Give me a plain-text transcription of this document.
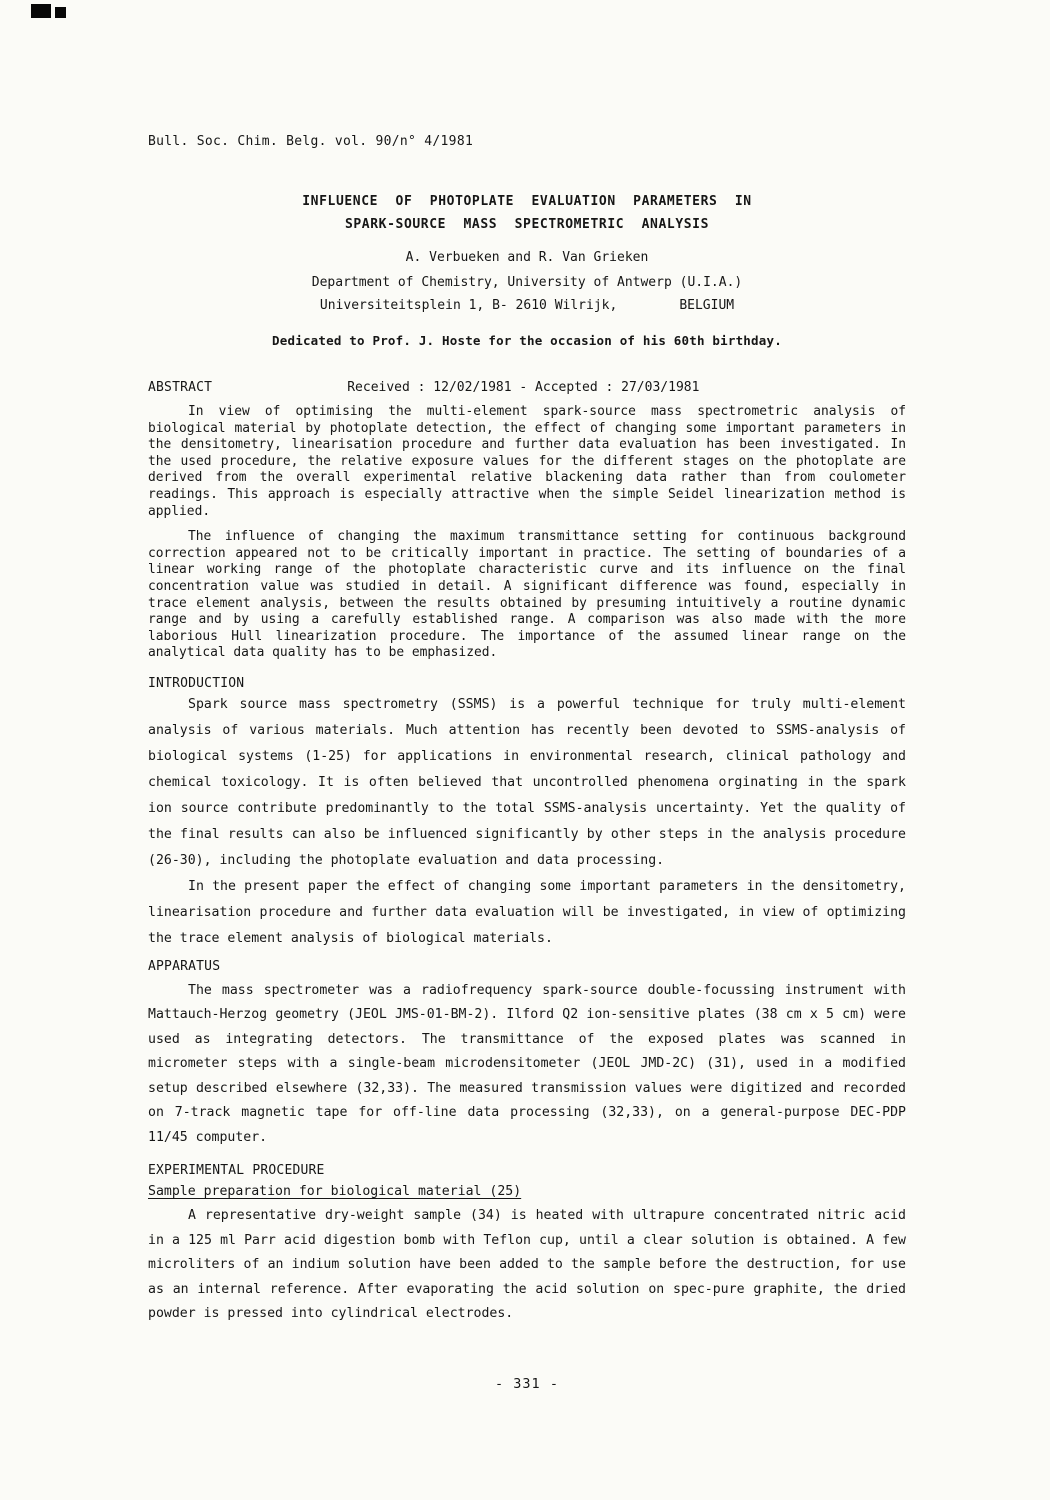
Bull. Soc. Chim. Belg. vol. 90/n° 4/1981
INFLUENCE OF PHOTOPLATE EVALUATION PARAMETERS IN
SPARK-SOURCE MASS SPECTROMETRIC ANALYSIS
A. Verbueken and R. Van Grieken
Department of Chemistry, University of Antwerp (U.I.A.)
Universiteitsplein 1, B- 2610 Wilrijk,	BELGIUM
Dedicated to Prof. J. Hoste for the occasion of his 60th birthday.
ABSTRACT	Received : 12/02/1981 - Accepted : 27/03/1981

In view of optimising the multi-element spark-source mass spectrometric analysis of biological material by photoplate detection, the effect of changing some important parameters in the densitometry, linearisation procedure and further data evaluation has been investigated. In the used procedure, the relative exposure values for the different stages on the photoplate are derived from the overall experimental relative blackening data rather than from coulometer readings. This approach is especially attractive when the simple Seidel linearization method is applied.

The influence of changing the maximum transmittance setting for continuous background correction appeared not to be critically important in practice. The setting of boundaries of a linear working range of the photoplate characteristic curve and its influence on the final concentration value was studied in detail. A significant difference was found, especially in trace element analysis, between the results obtained by presuming intuitively a routine dynamic range and by using a carefully established range. A comparison was also made with the more laborious Hull linearization procedure. The importance of the assumed linear range on the analytical data quality has to be emphasized.

INTRODUCTION

Spark source mass spectrometry (SSMS) is a powerful technique for truly multi-element analysis of various materials. Much attention has recently been devoted to SSMS-analysis of biological systems (1-25) for applications in environmental research, clinical pathology and chemical toxicology. It is often believed that uncontrolled phenomena orginating in the spark ion source contribute predominantly to the total SSMS-analysis uncertainty. Yet the quality of the final results can also be influenced significantly by other steps in the analysis procedure (26-30), including the photoplate evaluation and data processing.

In the present paper the effect of changing some important parameters in the densitometry, linearisation procedure and further data evaluation will be investigated, in view of optimizing the trace element analysis of biological materials.

APPARATUS

The mass spectrometer was a radiofrequency spark-source double-focussing instrument with Mattauch-Herzog geometry (JEOL JMS-01-BM-2). Ilford Q2 ion-sensitive plates (38 cm x 5 cm) were used as integrating detectors. The transmittance of the exposed plates was scanned in micrometer steps with a single-beam microdensitometer (JEOL JMD-2C) (31), used in a modified setup described elsewhere (32,33). The measured transmission values were digitized and recorded on 7-track magnetic tape for off-line data processing (32,33), on a general-purpose DEC-PDP 11/45 computer.

EXPERIMENTAL PROCEDURE
Sample preparation for biological material (25)

A representative dry-weight sample (34) is heated with ultrapure concentrated nitric acid in a 125 ml Parr acid digestion bomb with Teflon cup, until a clear solution is obtained. A few microliters of an indium solution have been added to the sample before the destruction, for use as an internal reference. After evaporating the acid solution on spec-pure graphite, the dried powder is pressed into cylindrical electrodes.

- 331 -
